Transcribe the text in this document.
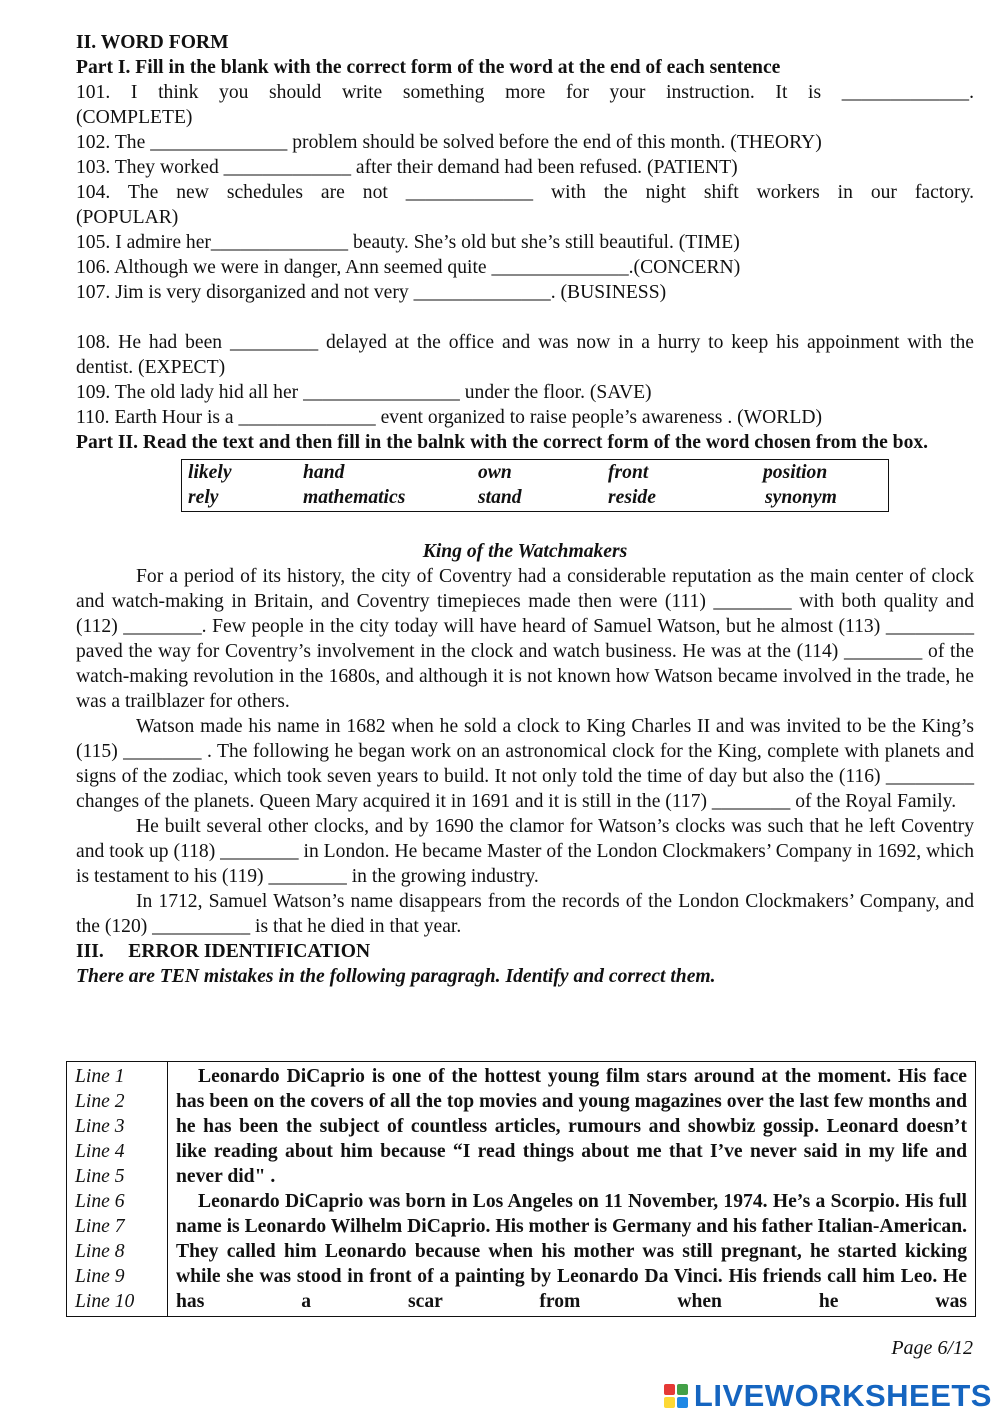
II. WORD FORM
Part I. Fill in the blank with the correct form of the word at the end of each sentence
101. I think you should write something more for your instruction. It is _____________.
(COMPLETE)
102. The ______________ problem should be solved before the end of this month. (THEORY)
103. They worked _____________ after their demand had been refused. (PATIENT)
104. The new schedules are not _____________ with the night shift workers in our factory.
(POPULAR)
105. I admire her______________ beauty. She’s old but she’s still beautiful. (TIME)
106. Although we were in danger, Ann seemed quite ______________.(CONCERN)
107. Jim is very disorganized and not very ______________. (BUSINESS)
108. He had been _________ delayed at the office and was now in a hurry to keep his appoinment with the dentist. (EXPECT)
109. The old lady hid all her ________________ under the floor. (SAVE)
110. Earth Hour is a ______________ event organized to raise people’s awareness . (WORLD)
Part II. Read the text and then fill in the balnk with the correct form of the word chosen from the box.
likely	hand	own	front	position
rely	mathematics	stand	reside	synonym
King of the Watchmakers
For a period of its history, the city of Coventry had a considerable reputation as the main center of clock and watch-making in Britain, and Coventry timepieces made then were (111) ________ with both quality and (112) ________. Few people in the city today will have heard of Samuel Watson, but he almost (113) _________ paved the way for Coventry’s involvement in the clock and watch business. He was at the (114) ________ of the watch-making revolution in the 1680s, and although it is not known how Watson became involved in the trade, he was a trailblazer for others.
Watson made his name in 1682 when he sold a clock to King Charles II and was invited to be the King’s (115) ________ . The following he began work on an astronomical clock for the King, complete with planets and signs of the zodiac, which took seven years to build. It not only told the time of day but also the (116) _________ changes of the planets. Queen Mary acquired it in 1691 and it is still in the (117) ________ of the Royal Family.
He built several other clocks, and by 1690 the clamor for Watson’s clocks was such that he left Coventry and took up (118) ________ in London. He became Master of the London Clockmakers’ Company in 1692, which is testament to his (119) ________ in the growing industry.
In 1712, Samuel Watson’s name disappears from the records of the London Clockmakers’ Company, and the (120) __________ is that he died in that year.
III.     ERROR IDENTIFICATION
There are TEN mistakes in the following paragragh. Identify and correct them.
Line 1
Line 2
Line 3
Line 4
Line 5
Line 6
Line 7
Line 8
Line 9
Line 10

Leonardo DiCaprio is one of the hottest young film stars around at the moment. His face has been on the covers of all the top movies and young magazines over the last few months and he has been the subject of countless articles, rumours and showbiz gossip. Leonard doesn’t like reading about him because “I read things about me that I’ve never said in my life and never did" .
Leonardo DiCaprio was born in Los Angeles on 11 November, 1974. He’s a Scorpio. His full name is Leonardo Wilhelm DiCaprio. His mother is Germany and his father Italian-American. They called him Leonardo because when his mother was still pregnant, he started kicking while she was stood in front of a painting by Leonardo Da Vinci. His friends call him Leo. He has a scar from when he was
Page 6/12
LIVEWORKSHEETS
